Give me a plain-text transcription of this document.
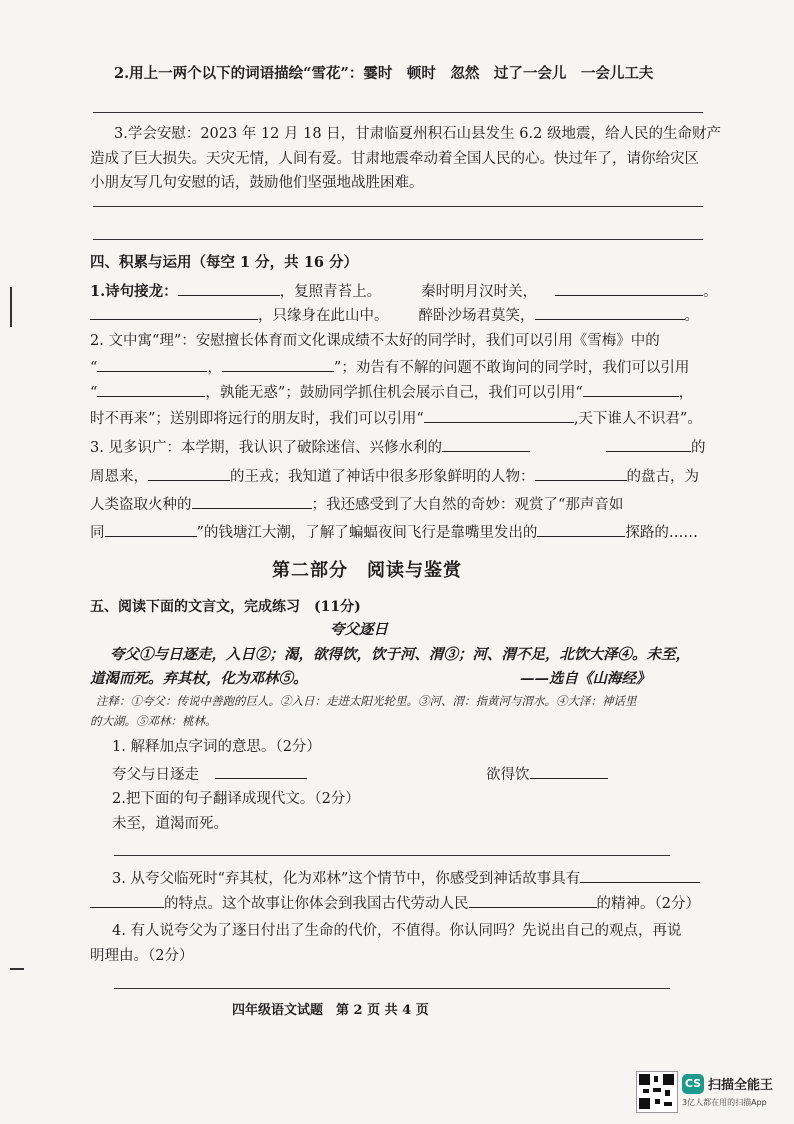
2.用上一两个以下的词语描绘“雪花”：霎时　顿时　忽然　过了一会儿　一会儿工夫
3.学会安慰：2023 年 12 月 18 日，甘肃临夏州积石山县发生 6.2 级地震，给人民的生命财产
造成了巨大损失。天灾无情，人间有爱。甘肃地震牵动着全国人民的心。快过年了，请你给灾区
小朋友写几句安慰的话，鼓励他们坚强地战胜困难。
四、积累与运用（每空 1 分，共 16 分）
1.诗句接龙：	，复照青苔上。	秦时明月汉时关，	。
，只缘身在此山中。 醉卧沙场君莫笑，	。
2. 文中寓“理”：安慰擅长体育而文化课成绩不太好的同学时，我们可以引用《雪梅》中的
“	，	”；劝告有不解的问题不敢询问的同学时，我们可以引用
“	，孰能无惑”；鼓励同学抓住机会展示自己，我们可以引用“	，
时不再来”；送别即将远行的朋友时，我们可以引用“	,天下谁人不识君”。
3. 见多识广：本学期，我认识了破除迷信、兴修水利的	的
周恩来，	的王戎；我知道了神话中很多形象鲜明的人物：	的盘古，为
人类盗取火种的	；我还感受到了大自然的奇妙：观赏了“那声音如
同	”的钱塘江大潮，了解了蝙蝠夜间飞行是靠嘴里发出的	探路的……
第二部分　阅读与鉴赏
五、阅读下面的文言文，完成练习　(11分)
夸父逐日
夸父①与日逐走，入日②；渴，欲得饮，饮于河、渭③；河、渭不足，北饮大泽④。未至，
道渴而死。弃其杖，化为邓林⑤。	——选自《山海经》
注释：①夸父：传说中善跑的巨人。②入日：走进太阳光轮里。③河、渭：指黄河与渭水。④大泽：神话里
的大湖。⑤邓林：桃林。
1. 解释加点字词的意思。（2分）
夸父与日逐走	欲得饮
2.把下面的句子翻译成现代文。（2分）
未至，道渴而死。
3. 从夸父临死时“弃其杖，化为邓林”这个情节中，你感受到神话故事具有
的特点。这个故事让你体会到我国古代劳动人民	的精神。（2分）
4. 有人说夸父为了逐日付出了生命的代价，不值得。你认同吗？先说出自己的观点，再说
明理由。（2分）
四年级语文试题　第 2 页 共 4 页
CS 扫描全能王
3亿人都在用的扫描App
